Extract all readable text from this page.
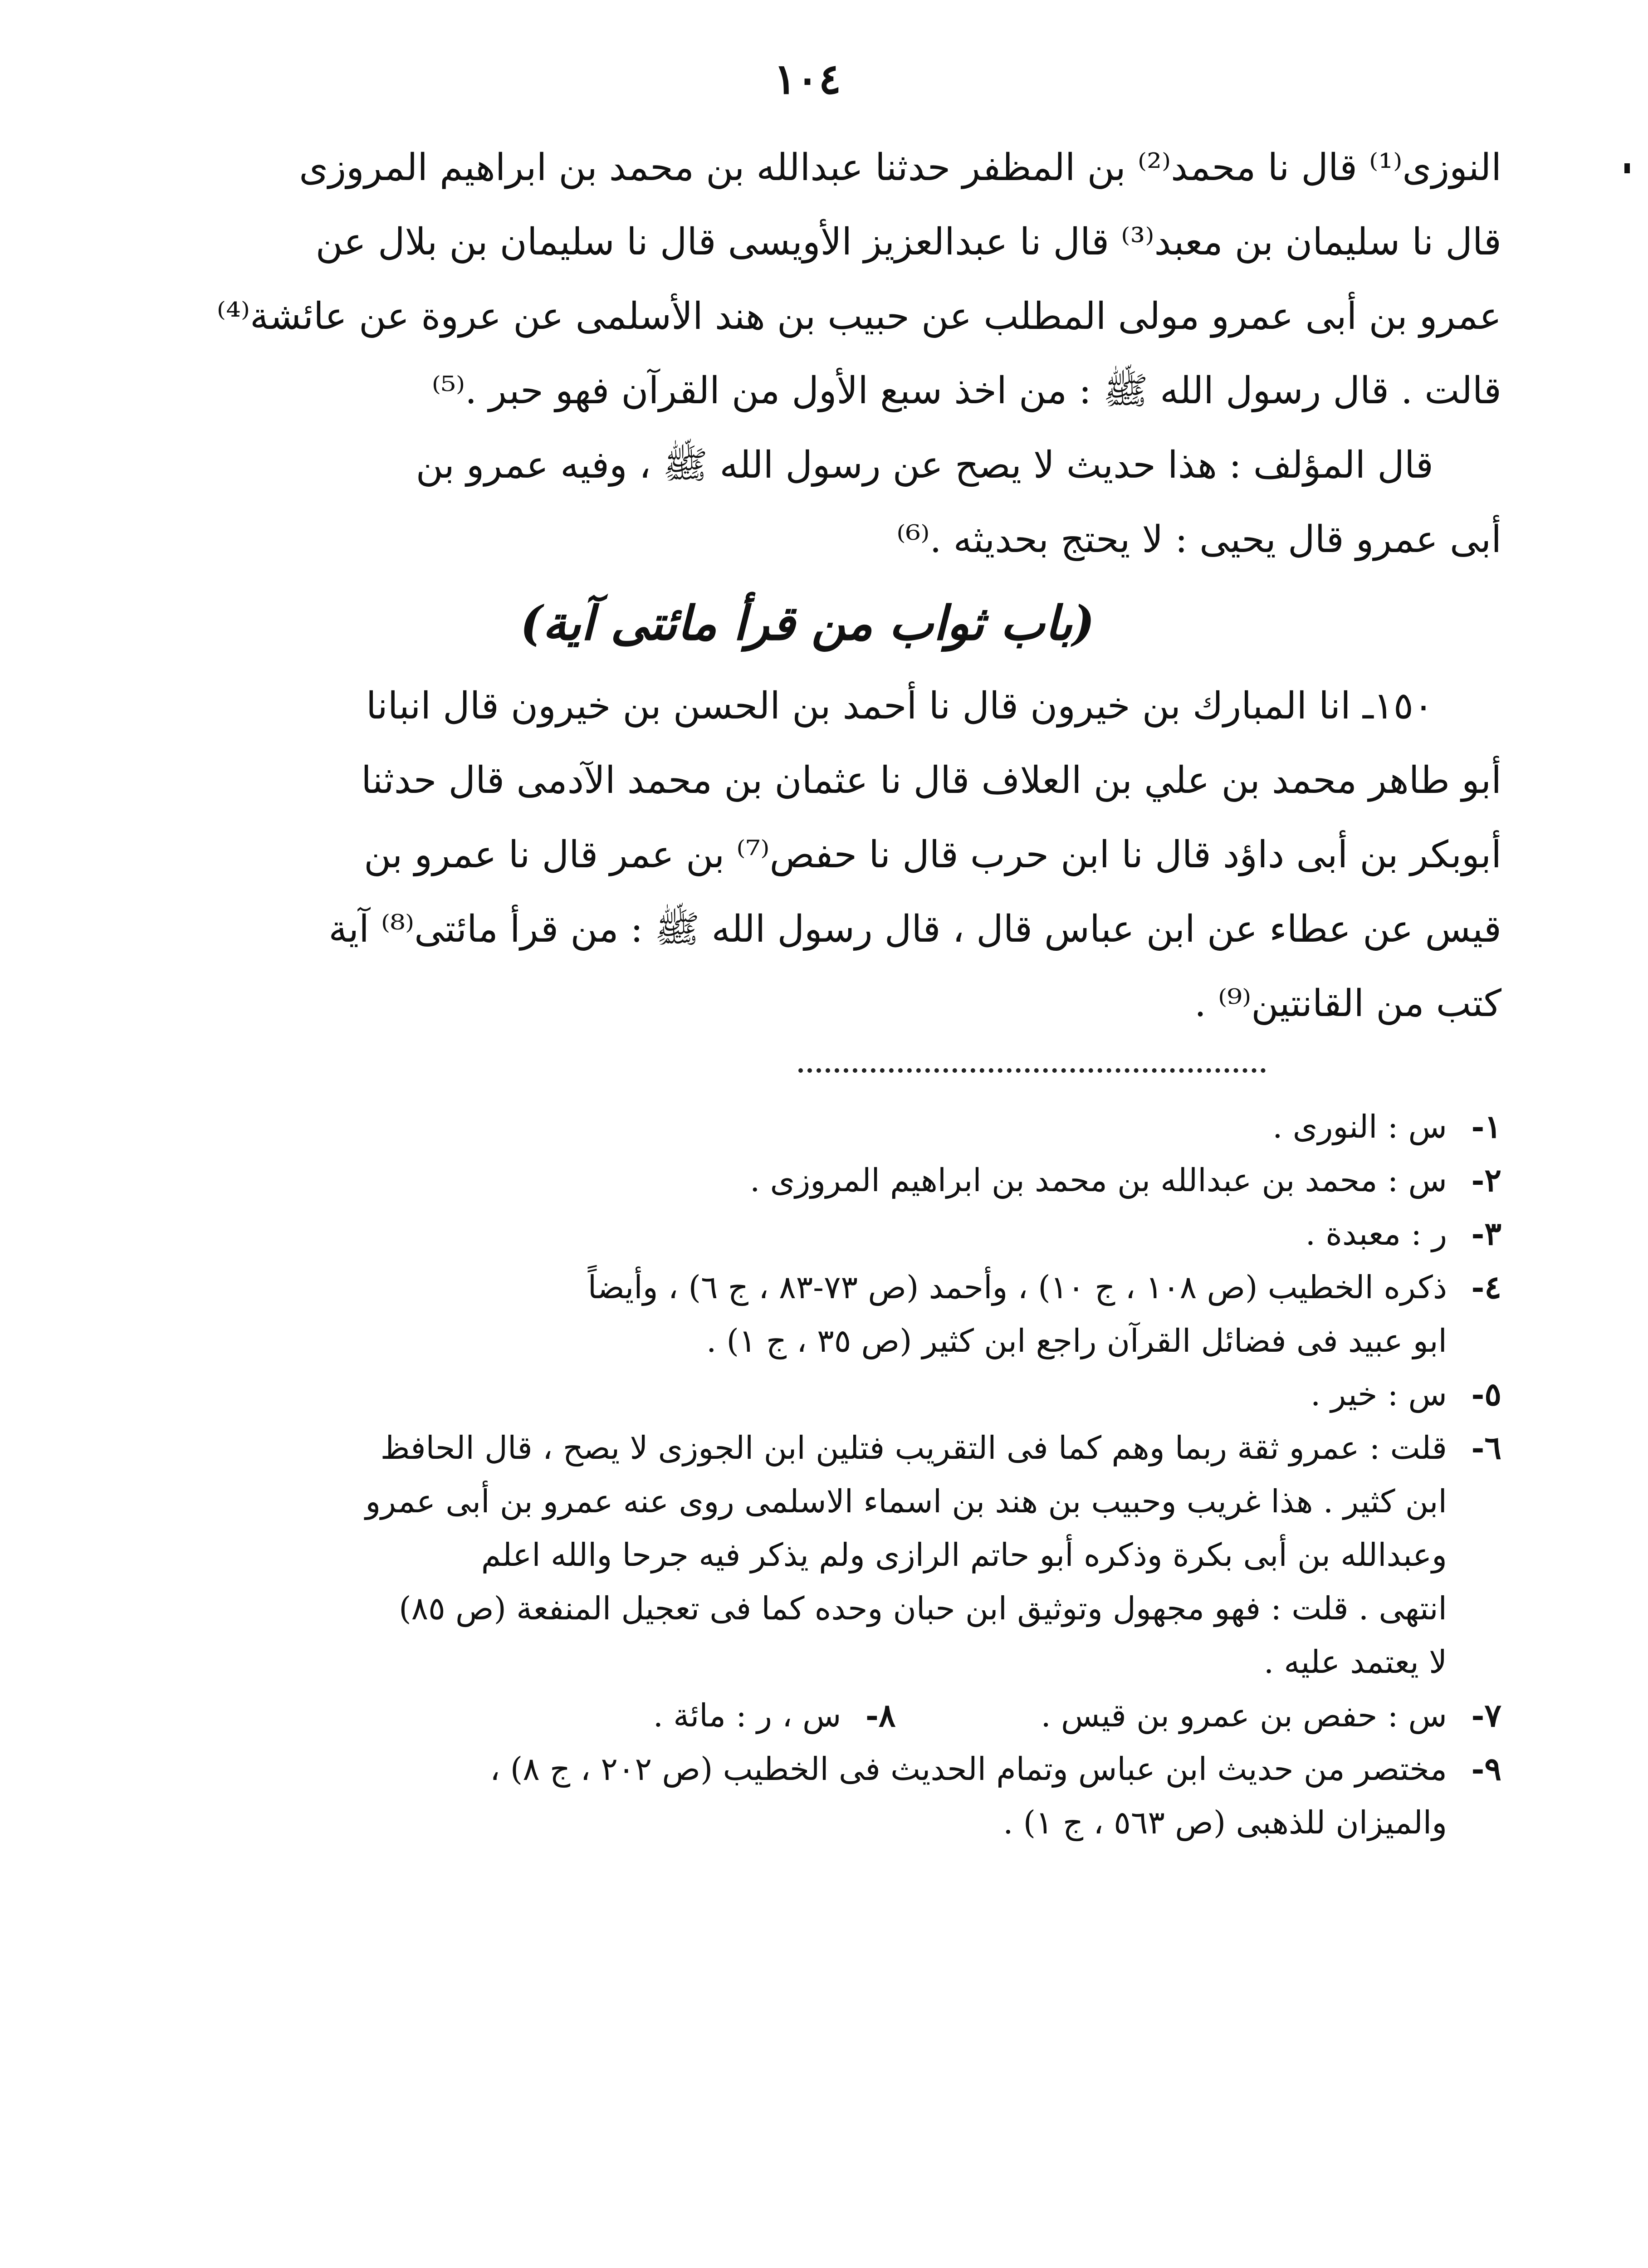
١٠٤
النوزى⁽¹⁾ قال نا محمد⁽²⁾ بن المظفر حدثنا عبدالله بن محمد بن ابراهيم المروزى
قال نا سليمان بن معبد⁽³⁾ قال نا عبدالعزيز الأويسى قال نا سليمان بن بلال عن
عمرو بن أبى عمرو مولى المطلب عن حبيب بن هند الأسلمى عن عروة عن عائشة⁽⁴⁾
قالت . قال رسول الله ﷺ : من اخذ سبع الأول من القرآن فهو حبر .⁽⁵⁾
قال المؤلف : هذا حديث لا يصح عن رسول الله ﷺ ، وفيه عمرو بن
أبى عمرو قال يحيى : لا يحتج بحديثه .⁽⁶⁾
(باب ثواب من قرأ مائتى آية)
١٥٠ـ انا المبارك بن خيرون قال نا أحمد بن الحسن بن خيرون قال انبانا
أبو طاهر محمد بن علي بن العلاف قال نا عثمان بن محمد الآدمى قال حدثنا
أبوبكر بن أبى داؤد قال نا ابن حرب قال نا حفص⁽⁷⁾ بن عمر قال نا عمرو بن
قيس عن عطاء عن ابن عباس قال ، قال رسول الله ﷺ : من قرأ مائتى⁽⁸⁾ آية
كتب من القانتين⁽⁹⁾ .
١-
س : النورى .
٢-
س : محمد بن عبدالله بن محمد بن ابراهيم المروزى .
٣-
ر : معبدة .
٤-
ذكره الخطيب (ص ١٠٨ ، ج ١٠) ، وأحمد (ص ٧٣-٨٣ ، ج ٦) ، وأيضاً
ابو عبيد فى فضائل القرآن راجع ابن كثير (ص ٣٥ ، ج ١) .
٥-
س : خير .
٦-
قلت : عمرو ثقة ربما وهم كما فى التقريب فتلين ابن الجوزى لا يصح ، قال الحافظ
ابن كثير . هذا غريب وحبيب بن هند بن اسماء الاسلمى روى عنه عمرو بن أبى عمرو
وعبدالله بن أبى بكرة وذكره أبو حاتم الرازى ولم يذكر فيه جرحا والله اعلم
انتهى . قلت : فهو مجهول وتوثيق ابن حبان وحده كما فى تعجيل المنفعة (ص ٨٥)
لا يعتمد عليه .
٧-
س : حفص بن عمرو بن قيس .
٨-
س ، ر : مائة .
٩-
مختصر من حديث ابن عباس وتمام الحديث فى الخطيب (ص ٢٠٢ ، ج ٨) ،
والميزان للذهبى (ص ٥٦٣ ، ج ١) .
